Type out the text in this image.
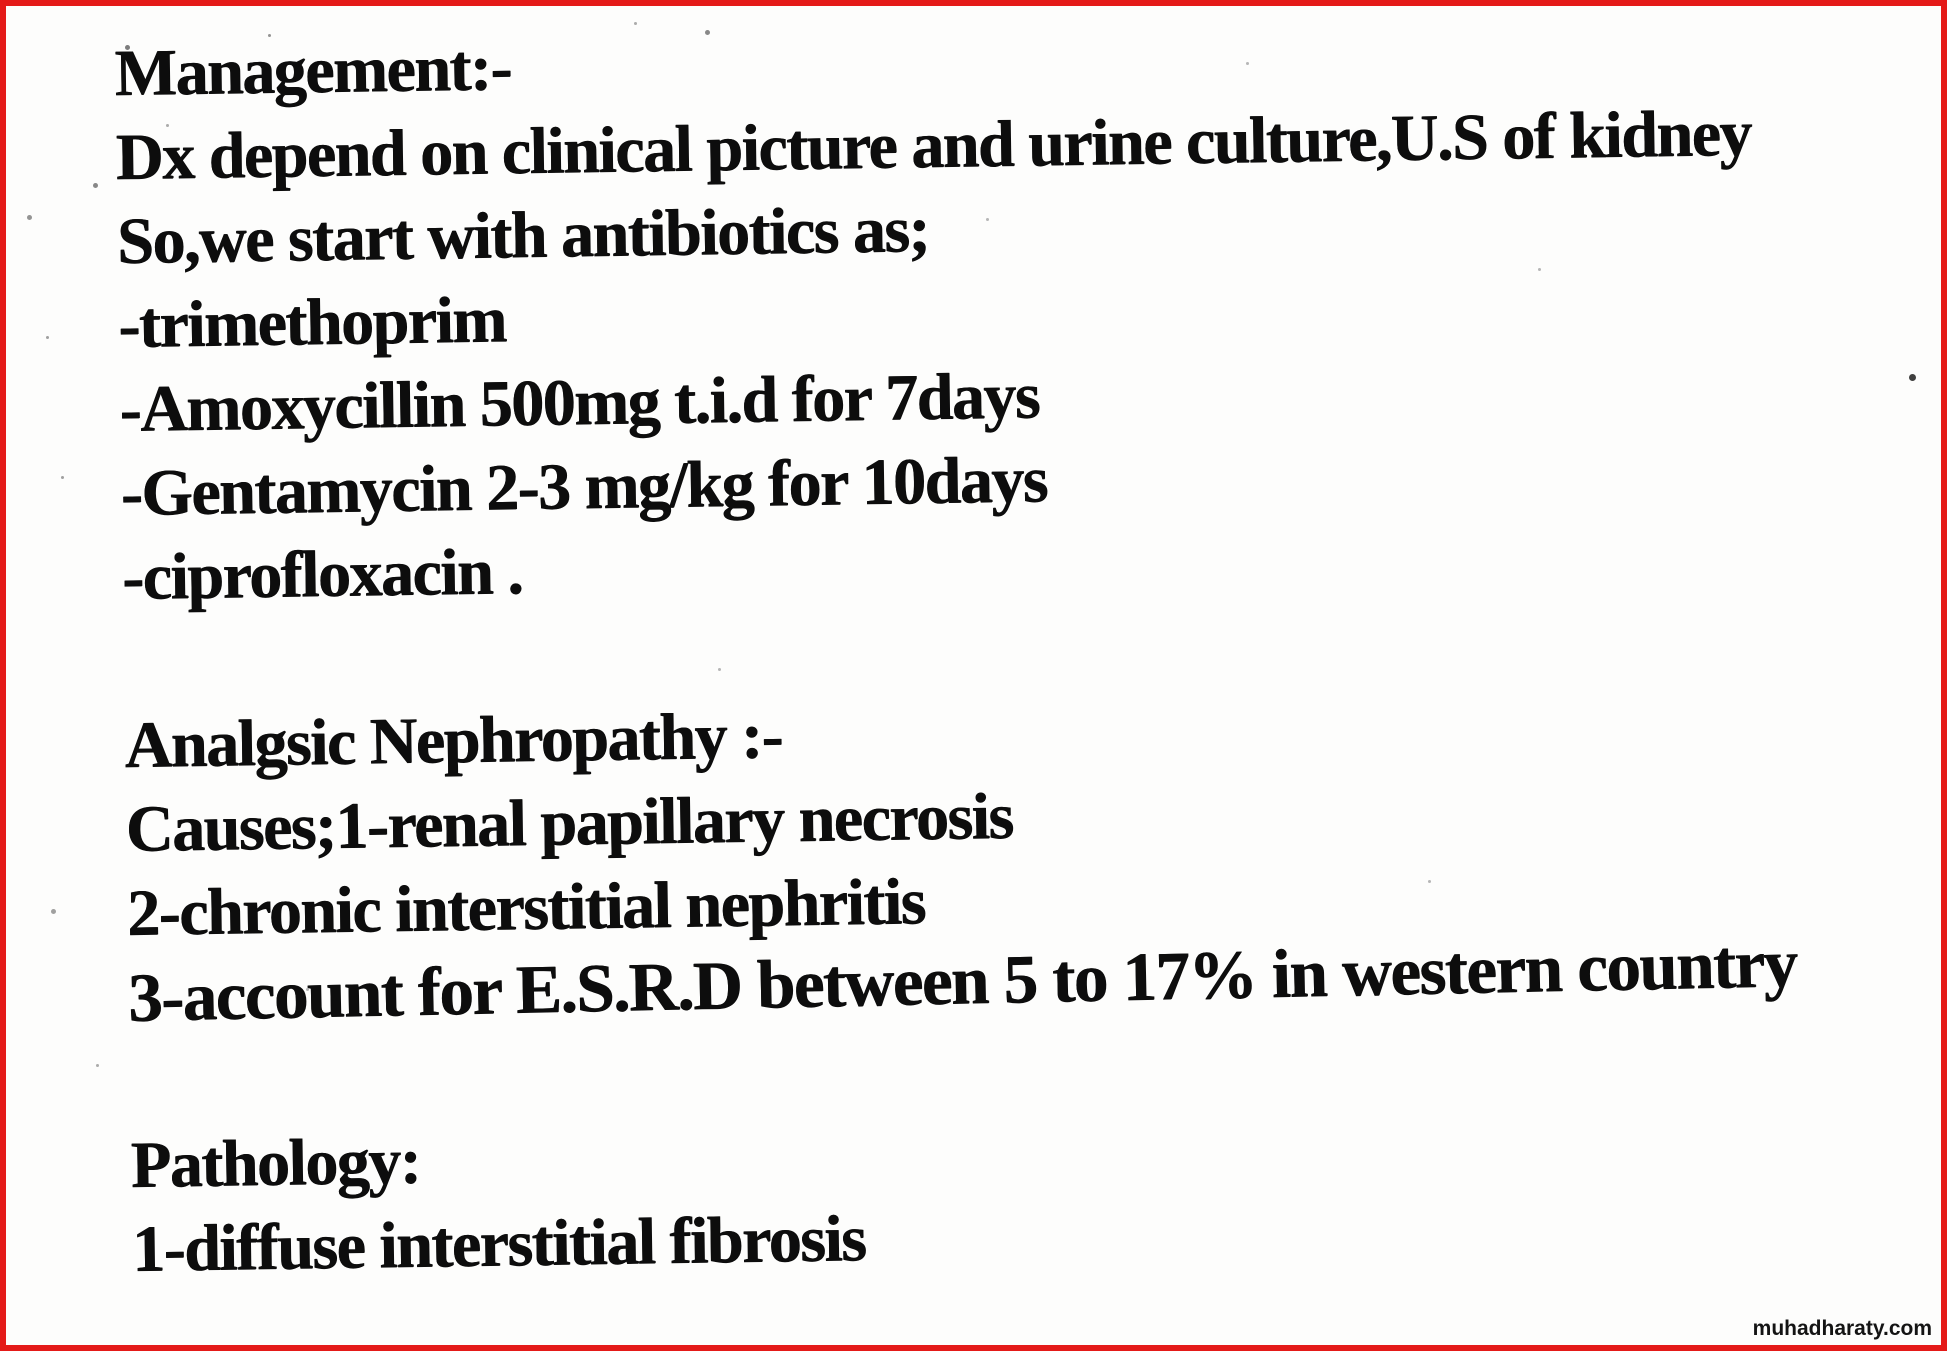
Management:-
Dx depend on clinical picture and urine culture,U.S of kidney
So,we start with antibiotics as;
-trimethoprim
-Amoxycillin 500mg t.i.d for 7days
-Gentamycin 2-3 mg/kg for 10days
-ciprofloxacin .
Analgsic Nephropathy :-
Causes;1-renal papillary necrosis
2-chronic interstitial nephritis
3-account for E.S.R.D between 5 to 17% in western country
Pathology:
1-diffuse interstitial fibrosis
muhadharaty.com
